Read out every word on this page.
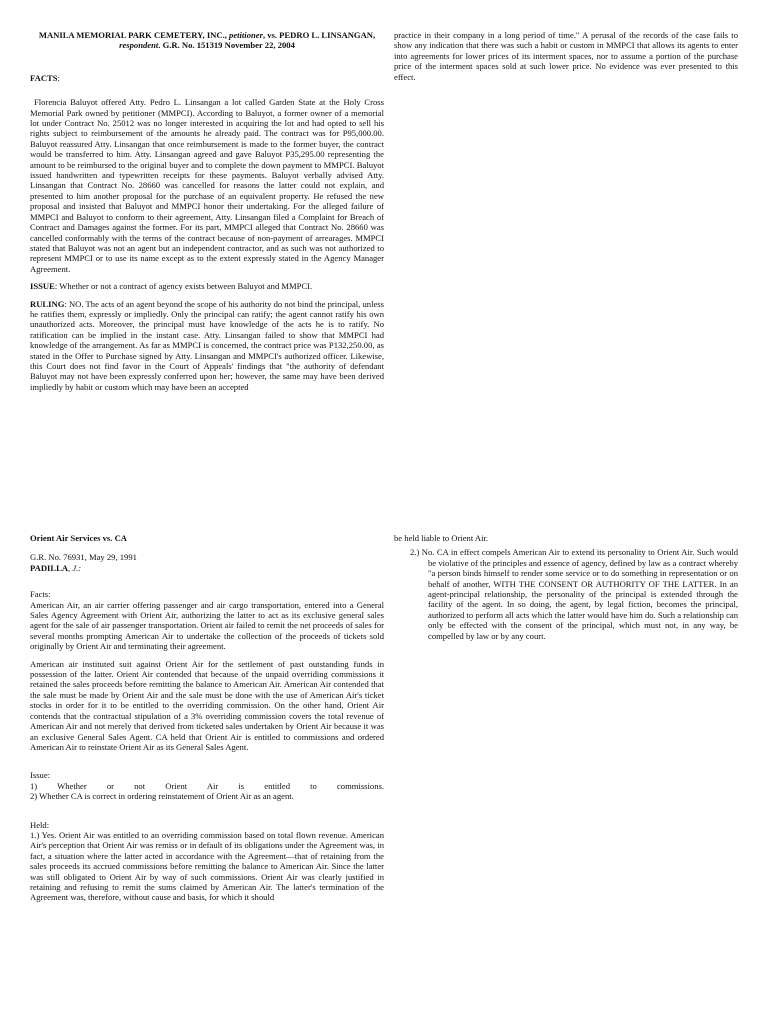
MANILA MEMORIAL PARK CEMETERY, INC., petitioner, vs. PEDRO L. LINSANGAN, respondent. G.R. No. 151319 November 22, 2004

FACTS:

Florencia Baluyot offered Atty. Pedro L. Linsangan a lot called Garden State at the Holy Cross Memorial Park owned by petitioner (MMPCI). According to Baluyot, a former owner of a memorial lot under Contract No. 25012 was no longer interested in acquiring the lot and had opted to sell his rights subject to reimbursement of the amounts he already paid. The contract was for P95,000.00. Baluyot reassured Atty. Linsangan that once reimbursement is made to the former buyer, the contract would be transferred to him. Atty. Linsangan agreed and gave Baluyot P35,295.00 representing the amount to be reimbursed to the original buyer and to complete the down payment to MMPCI. Baluyot issued handwritten and typewritten receipts for these payments. Baluyot verbally advised Atty. Linsangan that Contract No. 28660 was cancelled for reasons the latter could not explain, and presented to him another proposal for the purchase of an equivalent property. He refused the new proposal and insisted that Baluyot and MMPCI honor their undertaking. For the alleged failure of MMPCI and Baluyot to conform to their agreement, Atty. Linsangan filed a Complaint for Breach of Contract and Damages against the former. For its part, MMPCI alleged that Contract No. 28660 was cancelled conformably with the terms of the contract because of non-payment of arrearages. MMPCI stated that Baluyot was not an agent but an independent contractor, and as such was not authorized to represent MMPCI or to use its name except as to the extent expressly stated in the Agency Manager Agreement.

ISSUE: Whether or not a contract of agency exists between Baluyot and MMPCI.

RULING: NO. The acts of an agent beyond the scope of his authority do not bind the principal, unless he ratifies them, expressly or impliedly. Only the principal can ratify; the agent cannot ratify his own unauthorized acts. Moreover, the principal must have knowledge of the acts he is to ratify. No ratification can be implied in the instant case. Atty. Linsangan failed to show that MMPCI had knowledge of the arrangement. As far as MMPCI is concerned, the contract price was P132,250.00, as stated in the Offer to Purchase signed by Atty. Linsangan and MMPCI's authorized officer. Likewise, this Court does not find favor in the Court of Appeals' findings that "the authority of defendant Baluyot may not have been expressly conferred upon her; however, the same may have been derived impliedly by habit or custom which may have been an accepted

practice in their company in a long period of time." A perusal of the records of the case fails to show any indication that there was such a habit or custom in MMPCI that allows its agents to enter into agreements for lower prices of its interment spaces, nor to assume a portion of the purchase price of the interment spaces sold at such lower price. No evidence was ever presented to this effect.

Orient Air Services vs. CA

G.R. No. 76931, May 29, 1991

PADILLA, J.:

Facts:

American Air, an air carrier offering passenger and air cargo transportation, entered into a General Sales Agency Agreement with Orient Air, authorizing the latter to act as its exclusive general sales agent for the sale of air passenger transportation. Orient air failed to remit the net proceeds of sales for several months prompting American Air to undertake the collection of the proceeds of tickets sold originally by Orient Air and terminating their agreement.

American air instituted suit against Orient Air for the settlement of past outstanding funds in possession of the latter. Orient Air contended that because of the unpaid overriding commissions it retained the sales proceeds before remitting the balance to American Air. American Air contended that the sale must be made by Orient Air and the sale must be done with the use of American Air's ticket stocks in order for it to be entitled to the overriding commission. On the other hand, Orient Air contends that the contractual stipulation of a 3% overriding commission covers the total revenue of American Air and not merely that derived from ticketed sales undertaken by Orient Air because it was an exclusive General Sales Agent. CA held that Orient Air is entitled to commissions and ordered American Air to reinstate Orient Air as its General Sales Agent.

Issue:

1) Whether or not Orient Air is entitled to commissions.

2) Whether CA is correct in ordering reinstatement of Orient Air as an agent.

Held:

1.) Yes. Orient Air was entitled to an overriding commission based on total flown revenue. American Air's perception that Orient Air was remiss or in default of its obligations under the Agreement was, in fact, a situation where the latter acted in accordance with the Agreement—that of retaining from the sales proceeds its accrued commissions before remitting the balance to American Air. Since the latter was still obligated to Orient Air by way of such commissions. Orient Air was clearly justified in retaining and refusing to remit the sums claimed by American Air. The latter's termination of the Agreement was, therefore, without cause and basis, for which it should

be held liable to Orient Air.

2.) No. CA in effect compels American Air to extend its personality to Orient Air. Such would be violative of the principles and essence of agency, defined by law as a contract whereby "a person binds himself to render some service or to do something in representation or on behalf of another, WITH THE CONSENT OR AUTHORITY OF THE LATTER. In an agent-principal relationship, the personality of the principal is extended through the facility of the agent. In so doing, the agent, by legal fiction, becomes the principal, authorized to perform all acts which the latter would have him do. Such a relationship can only be effected with the consent of the principal, which must not, in any way, be compelled by law or by any court.
